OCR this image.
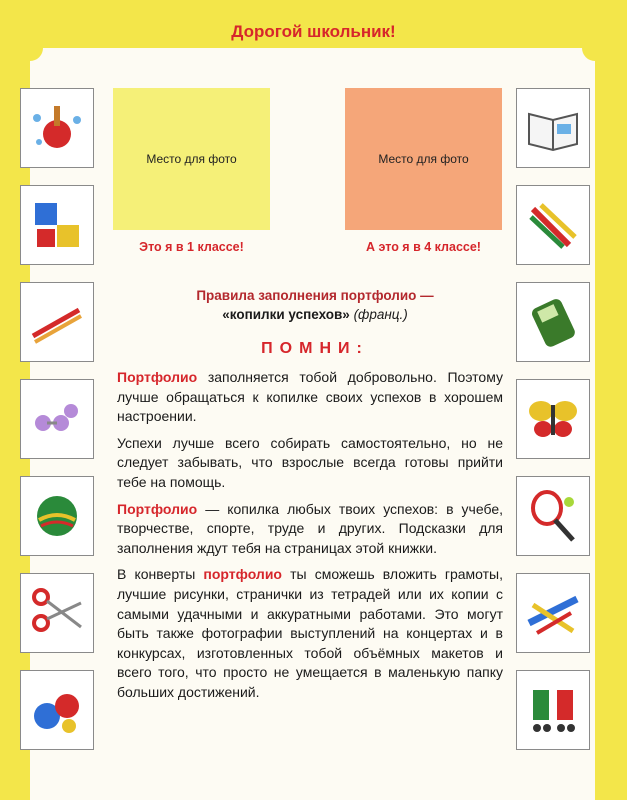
Дорогой школьник!
Место для фото	Место для фото
Это я в 1 классе!	А это я в 4 классе!
Правила заполнения портфолио —
«копилки успехов» (франц.)
ПОМНИ:

Портфолио заполняется тобой добровольно. Поэтому лучше обращаться к копилке своих успехов в хорошем настроении.

Успехи лучше всего собирать самостоятельно, но не следует забывать, что взрослые всегда готовы прийти тебе на помощь.

Портфолио — копилка любых твоих успехов: в учебе, творчестве, спорте, труде и других. Подсказки для заполнения ждут тебя на страницах этой книжки.

В конверты портфолио ты сможешь вложить грамоты, лучшие рисунки, странички из тетрадей или их копии с самыми удачными и аккуратными работами. Это могут быть также фотографии выступлений на концертах и в конкурсах, изготовленных тобой объёмных макетов и всего того, что просто не умещается в маленькую папку больших достижений.
